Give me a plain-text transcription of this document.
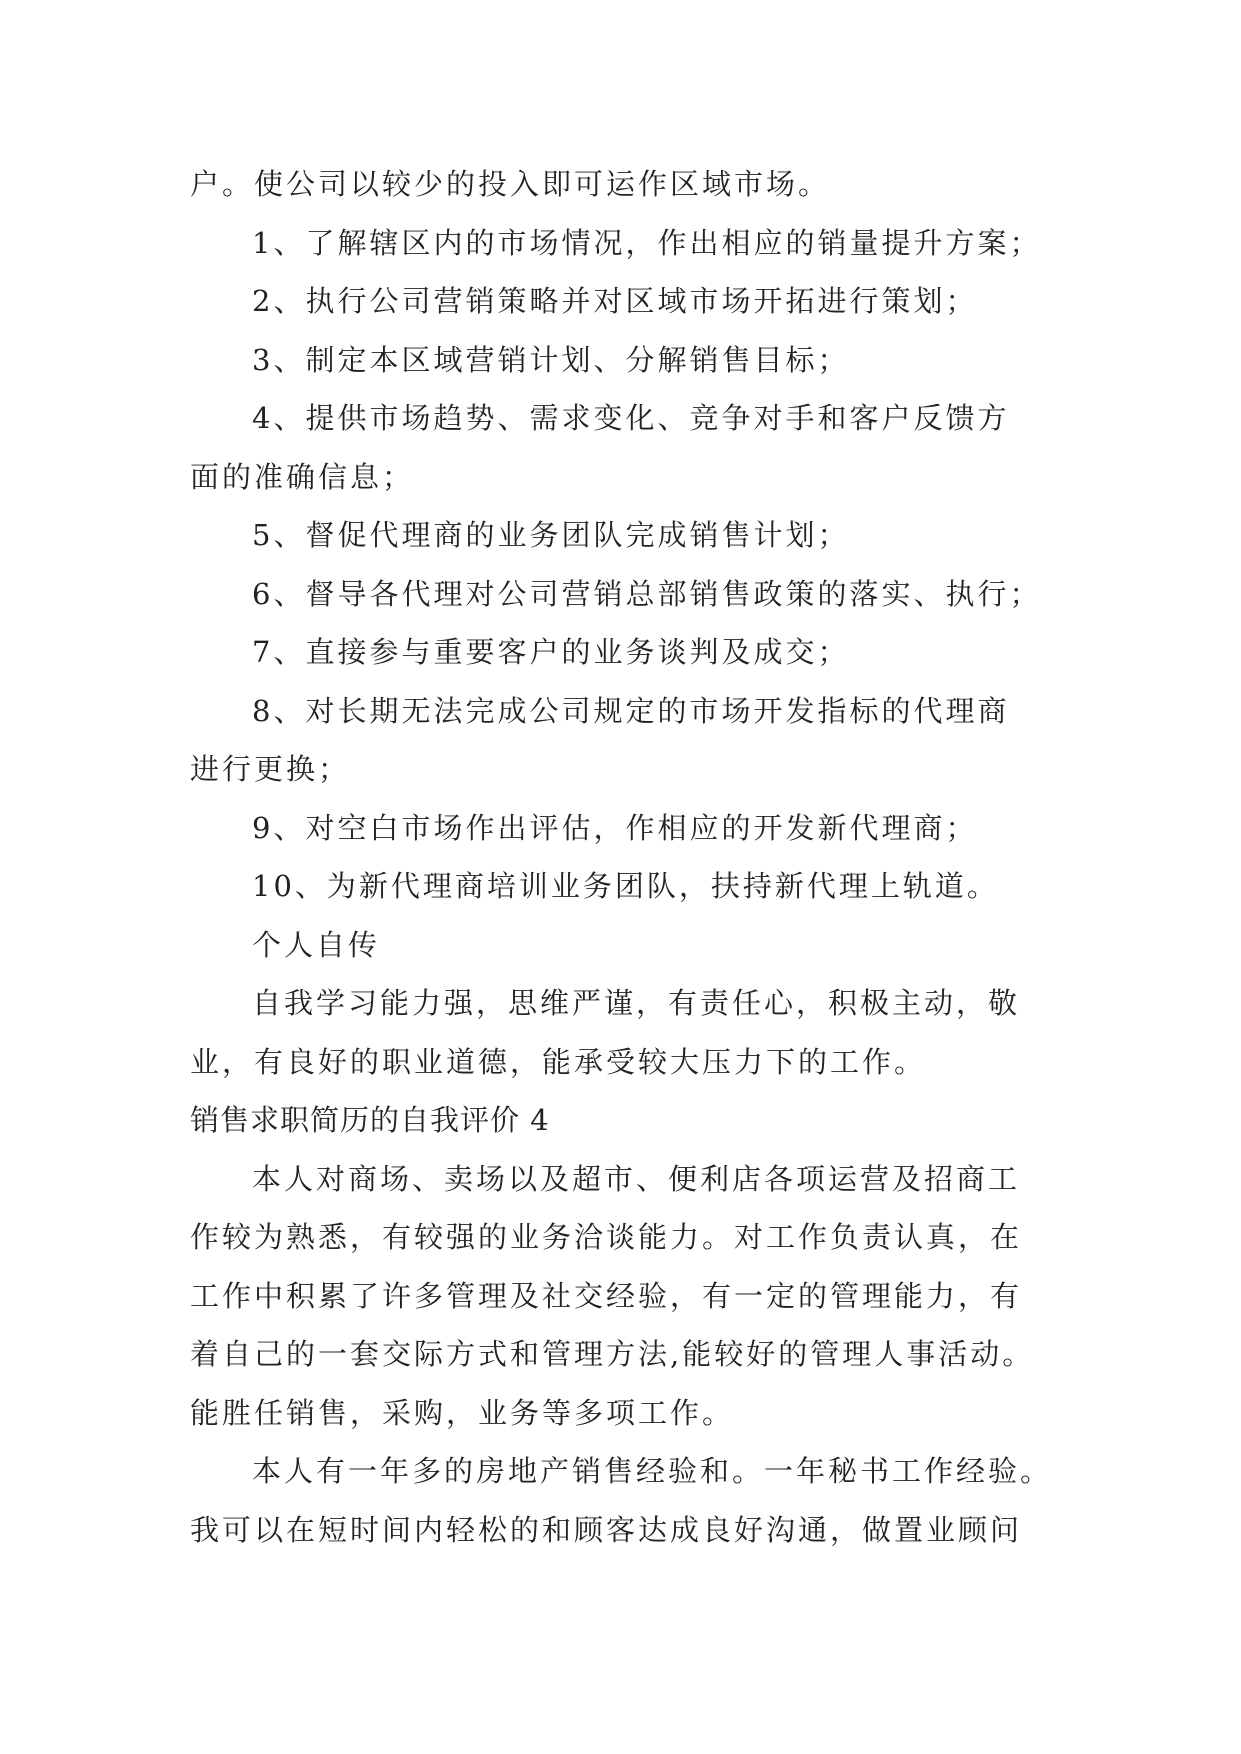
户。使公司以较少的投入即可运作区域市场。
1、了解辖区内的市场情况，作出相应的销量提升方案；
2、执行公司营销策略并对区域市场开拓进行策划；
3、制定本区域营销计划、分解销售目标；
4、提供市场趋势、需求变化、竞争对手和客户反馈方
面的准确信息；
5、督促代理商的业务团队完成销售计划；
6、督导各代理对公司营销总部销售政策的落实、执行；
7、直接参与重要客户的业务谈判及成交；
8、对长期无法完成公司规定的市场开发指标的代理商
进行更换；
9、对空白市场作出评估，作相应的开发新代理商；
10、为新代理商培训业务团队，扶持新代理上轨道。
个人自传
自我学习能力强，思维严谨，有责任心，积极主动，敬
业，有良好的职业道德，能承受较大压力下的工作。
销售求职简历的自我评价 4
本人对商场、卖场以及超市、便利店各项运营及招商工
作较为熟悉，有较强的业务洽谈能力。对工作负责认真，在
工作中积累了许多管理及社交经验，有一定的管理能力，有
着自己的一套交际方式和管理方法,能较好的管理人事活动。
能胜任销售，采购，业务等多项工作。
本人有一年多的房地产销售经验和。一年秘书工作经验。
我可以在短时间内轻松的和顾客达成良好沟通，做置业顾问
